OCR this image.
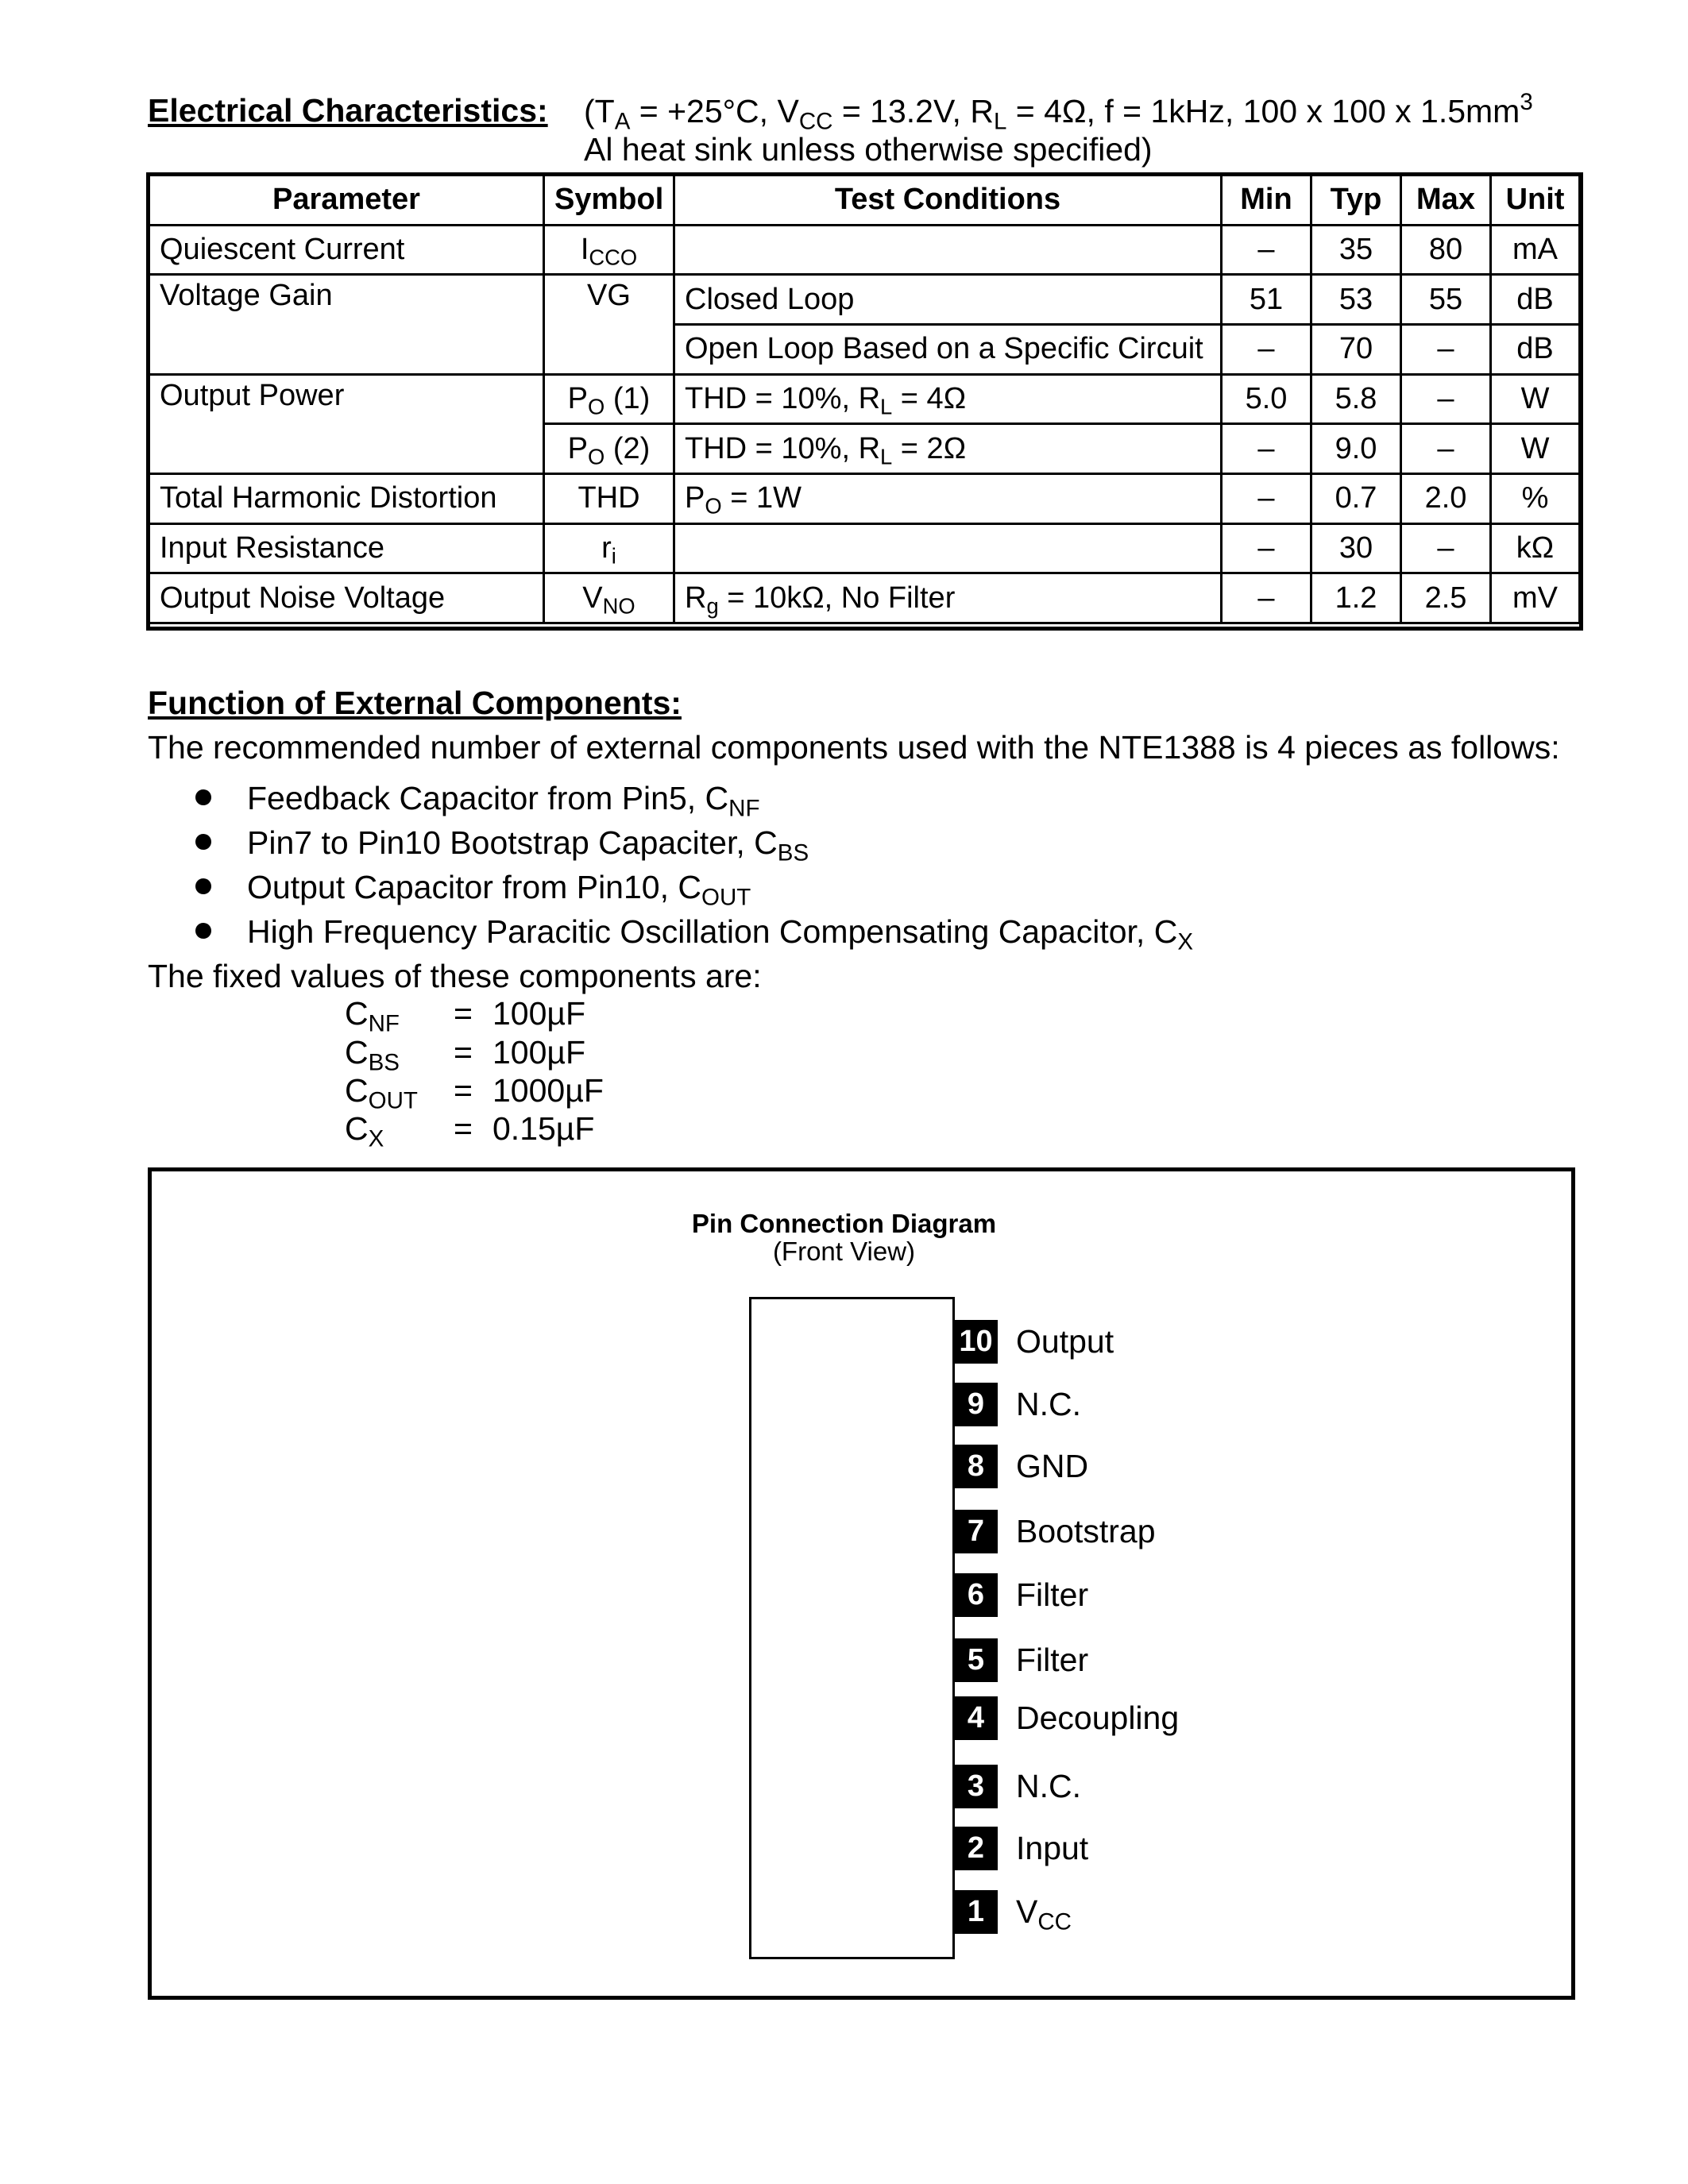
Electrical Characteristics: ($T_A = +25^\circ C$, $V_{CC} = 13.2V$, $R_L = 4\Omega$, f = 1kHz, 100 x 100 x $1.5mm^3$
Al heat sink unless otherwise specified)
Parameter	Symbol	Test Conditions	Min	Typ	Max	Unit
Quiescent Current	$I_{CCO}$		–	35	80	mA
Voltage Gain	VG	Closed Loop	51	53	55	dB
		Open Loop Based on a Specific Circuit	–	70	–	dB
Output Power	$P_O$ (1)	THD = 10%, $R_L = 4\Omega$	5.0	5.8	–	W
	$P_O$ (2)	THD = 10%, $R_L = 2\Omega$	–	9.0	–	W
Total Harmonic Distortion	THD	$P_O = 1W$	–	0.7	2.0	%
Input Resistance	$r_i$		–	30	–	kΩ
Output Noise Voltage	$V_{NO}$	$R_g = 10k\Omega$, No Filter	–	1.2	2.5	mV
Function of External Components:
The recommended number of external components used with the NTE1388 is 4 pieces as follows:
Feedback Capacitor from Pin5, $C_{NF}$
Pin7 to Pin10 Bootstrap Capaciter, $C_{BS}$
Output Capacitor from Pin10, $C_{OUT}$
High Frequency Paracitic Oscillation Compensating Capacitor, $C_X$
The fixed values of these components are:
$C_{NF} = 100\mu F$
$C_{BS} = 100\mu F$
$C_{OUT} = 1000\mu F$
$C_X = 0.15\mu F$
Pin Connection Diagram
(Front View)
10 Output
9 N.C.
8 GND
7 Bootstrap
6 Filter
5 Filter
4 Decoupling
3 N.C.
2 Input
1 $V_{CC}$
